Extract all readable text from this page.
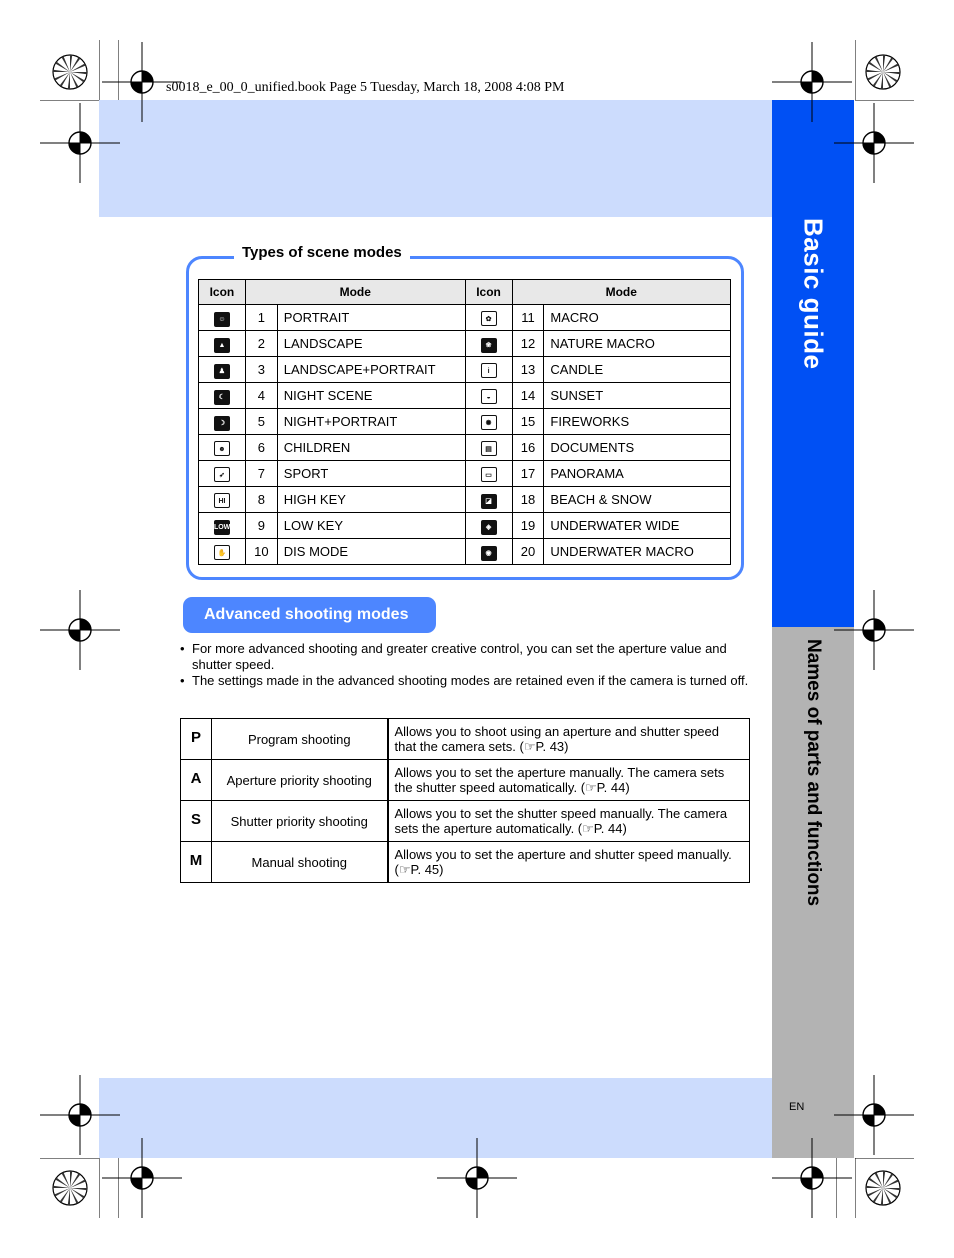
Basic guide
Names of parts and functions
EN
s0018_e_00_0_unified.book Page 5 Tuesday, March 18, 2008 4:08 PM
Types of scene modes
Icon	Mode		Icon	Mode	
☺	1	PORTRAIT	✿	11	MACRO
▲	2	LANDSCAPE	❀	12	NATURE MACRO
♟	3	LANDSCAPE+PORTRAIT	i	13	CANDLE
☾	4	NIGHT SCENE	◒	14	SUNSET
☽	5	NIGHT+PORTRAIT	✺	15	FIREWORKS
☻	6	CHILDREN	▤	16	DOCUMENTS
➶	7	SPORT	▭	17	PANORAMA
HI	8	HIGH KEY	◪	18	BEACH & SNOW
LOW	9	LOW KEY	◈	19	UNDERWATER WIDE
✋	10	DIS MODE	◉	20	UNDERWATER MACRO
Advanced shooting modes
• For more advanced shooting and greater creative control, you can set the aperture value and shutter speed.
• The settings made in the advanced shooting modes are retained even if the camera is turned off.
P	Program shooting	Allows you to shoot using an aperture and shutter speed that the camera sets. (☞P. 43)
A	Aperture priority shooting	Allows you to set the aperture manually. The camera sets the shutter speed automatically. (☞P. 44)
S	Shutter priority shooting	Allows you to set the shutter speed manually. The camera sets the aperture automatically. (☞P. 44)
M	Manual shooting	Allows you to set the aperture and shutter speed manually. (☞P. 45)
